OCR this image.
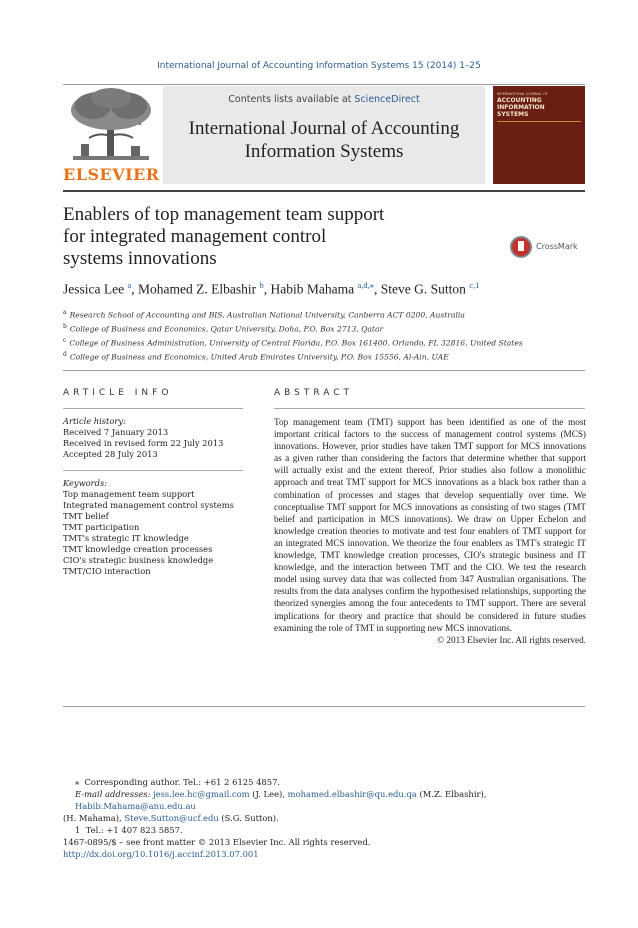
International Journal of Accounting Information Systems 15 (2014) 1–25
ELSEVIER
Contents lists available at ScienceDirect
International Journal of Accounting
Information Systems
INTERNATIONAL JOURNAL OF
ACCOUNTING
INFORMATION
SYSTEMS
Enablers of top management team support
for integrated management control
systems innovations
CrossMark
Jessica Lee $^a$, Mohamed Z. Elbashir $^b$, Habib Mahama $^{a,d,⁎}$, Steve G. Sutton $^{c,1}$
$^a$ Research School of Accounting and BIS, Australian National University, Canberra ACT 0200, Australia
$^b$ College of Business and Economics, Qatar University, Doha, P.O. Box 2713, Qatar
$^c$ College of Business Administration, University of Central Florida, P.O. Box 161400, Orlando, FL 32816, United States
$^d$ College of Business and Economics, United Arab Emirates University, P.O. Box 15556, Al-Ain, UAE
ARTICLE INFO	ABSTRACT
Article history:
Received 7 January 2013
Received in revised form 22 July 2013
Accepted 28 July 2013
Keywords:
Top management team support
Integrated management control systems
TMT belief
TMT participation
TMT's strategic IT knowledge
TMT knowledge creation processes
CIO's strategic business knowledge
TMT/CIO interaction
Top management team (TMT) support has been identified as one of the most important critical factors to the success of management control systems (MCS) innovations. However, prior studies have taken TMT support for MCS innovations as a given rather than considering the factors that determine whether that support will actually exist and the extent thereof. Prior studies also follow a monolithic approach and treat TMT support for MCS innovations as a black box rather than a combination of processes and stages that develop sequentially over time. We conceptualise TMT support for MCS innovations as consisting of two stages (TMT belief and participation in MCS innovations). We draw on Upper Echelon and knowledge creation theories to motivate and test four enablers of TMT support for an integrated MCS innovation. We theorize the four enablers as TMT's strategic IT knowledge, TMT knowledge creation processes, CIO's strategic business and IT knowledge, and the interaction between TMT and the CIO. We test the research model using survey data that was collected from 347 Australian organisations. The results from the data analyses confirm the hypothesised relationships, supporting the theorized synergies among the four antecedents to TMT support. There are several implications for theory and practice that should be considered in future studies examining the role of TMT in supporting new MCS innovations.
© 2013 Elsevier Inc. All rights reserved.
⁎ Corresponding author. Tel.: +61 2 6125 4857.
E-mail addresses: jess.lee.hc@gmail.com (J. Lee), mohamed.elbashir@qu.edu.qa (M.Z. Elbashir), Habib.Mahama@anu.edu.au
(H. Mahama), Steve.Sutton@ucf.edu (S.G. Sutton).
1 Tel.: +1 407 823 5857.
1467-0895/$ – see front matter © 2013 Elsevier Inc. All rights reserved.
http://dx.doi.org/10.1016/j.accinf.2013.07.001
